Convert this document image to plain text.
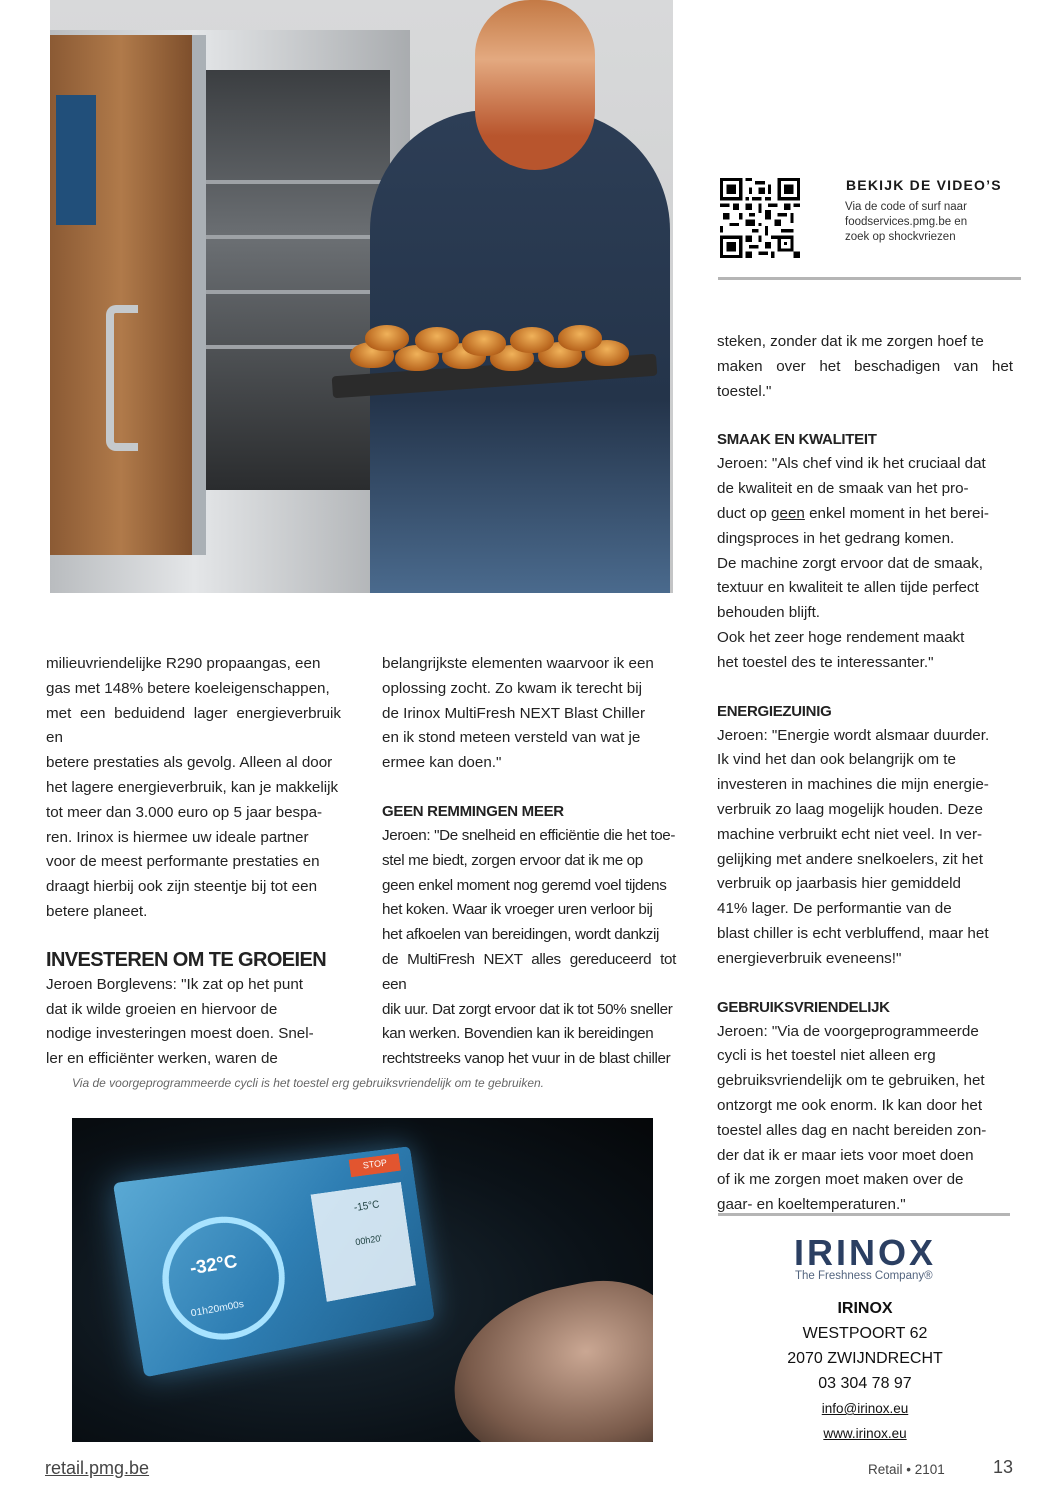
BEKIJK DE VIDEO’S
Via de code of surf naar
foodservices.pmg.be en
zoek op shockvriezen

milieuvriendelijke R290 propaangas, een

gas met 148% betere koeleigenschappen,

met een beduidend lager energieverbruik en

betere prestaties als gevolg. Alleen al door

het lagere energieverbruik, kan je makkelijk

tot meer dan 3.000 euro op 5 jaar bespa-

ren. Irinox is hiermee uw ideale partner

voor de meest performante prestaties en

draagt hierbij ook zijn steentje bij tot een

betere planeet.

INVESTEREN OM TE GROEIEN

Jeroen Borglevens: "Ik zat op het punt

dat ik wilde groeien en hiervoor de

nodige investeringen moest doen. Snel-

ler en efficiënter werken, waren de

belangrijkste elementen waarvoor ik een

oplossing zocht. Zo kwam ik terecht bij

de Irinox MultiFresh NEXT Blast Chiller

en ik stond meteen versteld van wat je

ermee kan doen."

GEEN REMMINGEN MEER

Jeroen: "De snelheid en efficiëntie die het toe-

stel me biedt, zorgen ervoor dat ik me op

geen enkel moment nog geremd voel tijdens

het koken. Waar ik vroeger uren verloor bij

het afkoelen van bereidingen, wordt dankzij

de MultiFresh NEXT alles gereduceerd tot een

dik uur. Dat zorgt ervoor dat ik tot 50% sneller

kan werken. Bovendien kan ik bereidingen

rechtstreeks vanop het vuur in de blast chiller

steken, zonder dat ik me zorgen hoef te

maken over het beschadigen van het toestel."

SMAAK EN KWALITEIT

Jeroen: "Als chef vind ik het cruciaal dat

de kwaliteit en de smaak van het pro-

duct op geen enkel moment in het berei-

dingsproces in het gedrang komen.

De machine zorgt ervoor dat de smaak,

textuur en kwaliteit te allen tijde perfect

behouden blijft.

Ook het zeer hoge rendement maakt

het toestel des te interessanter."

ENERGIEZUINIG

Jeroen: "Energie wordt alsmaar duurder.

Ik vind het dan ook belangrijk om te

investeren in machines die mijn energie-

verbruik zo laag mogelijk houden. Deze

machine verbruikt echt niet veel. In ver-

gelijking met andere snelkoelers, zit het

verbruik op jaarbasis hier gemiddeld

41% lager. De performantie van de

blast chiller is echt verbluffend, maar het

energieverbruik eveneens!"

GEBRUIKSVRIENDELIJK

Jeroen: "Via de voorgeprogrammeerde

cycli is het toestel niet alleen erg

gebruiksvriendelijk om te gebruiken, het

ontzorgt me ook enorm. Ik kan door het

toestel alles dag en nacht bereiden zon-

der dat ik er maar iets voor moet doen

of ik me zorgen moet maken over de

gaar- en koeltemperaturen."

Via de voorgeprogrammeerde cycli is het toestel erg gebruiksvriendelijk om te gebruiken.
STOP
-32°C
01h20m00s
-15°C
00h20'	IRINOX
The Freshness Company®
IRINOX
WESTPOORT 62
2070 ZWIJNDRECHT
03 304 78 97
info@irinox.eu
www.irinox.eu
retail.pmg.be	Retail • 2101	13
